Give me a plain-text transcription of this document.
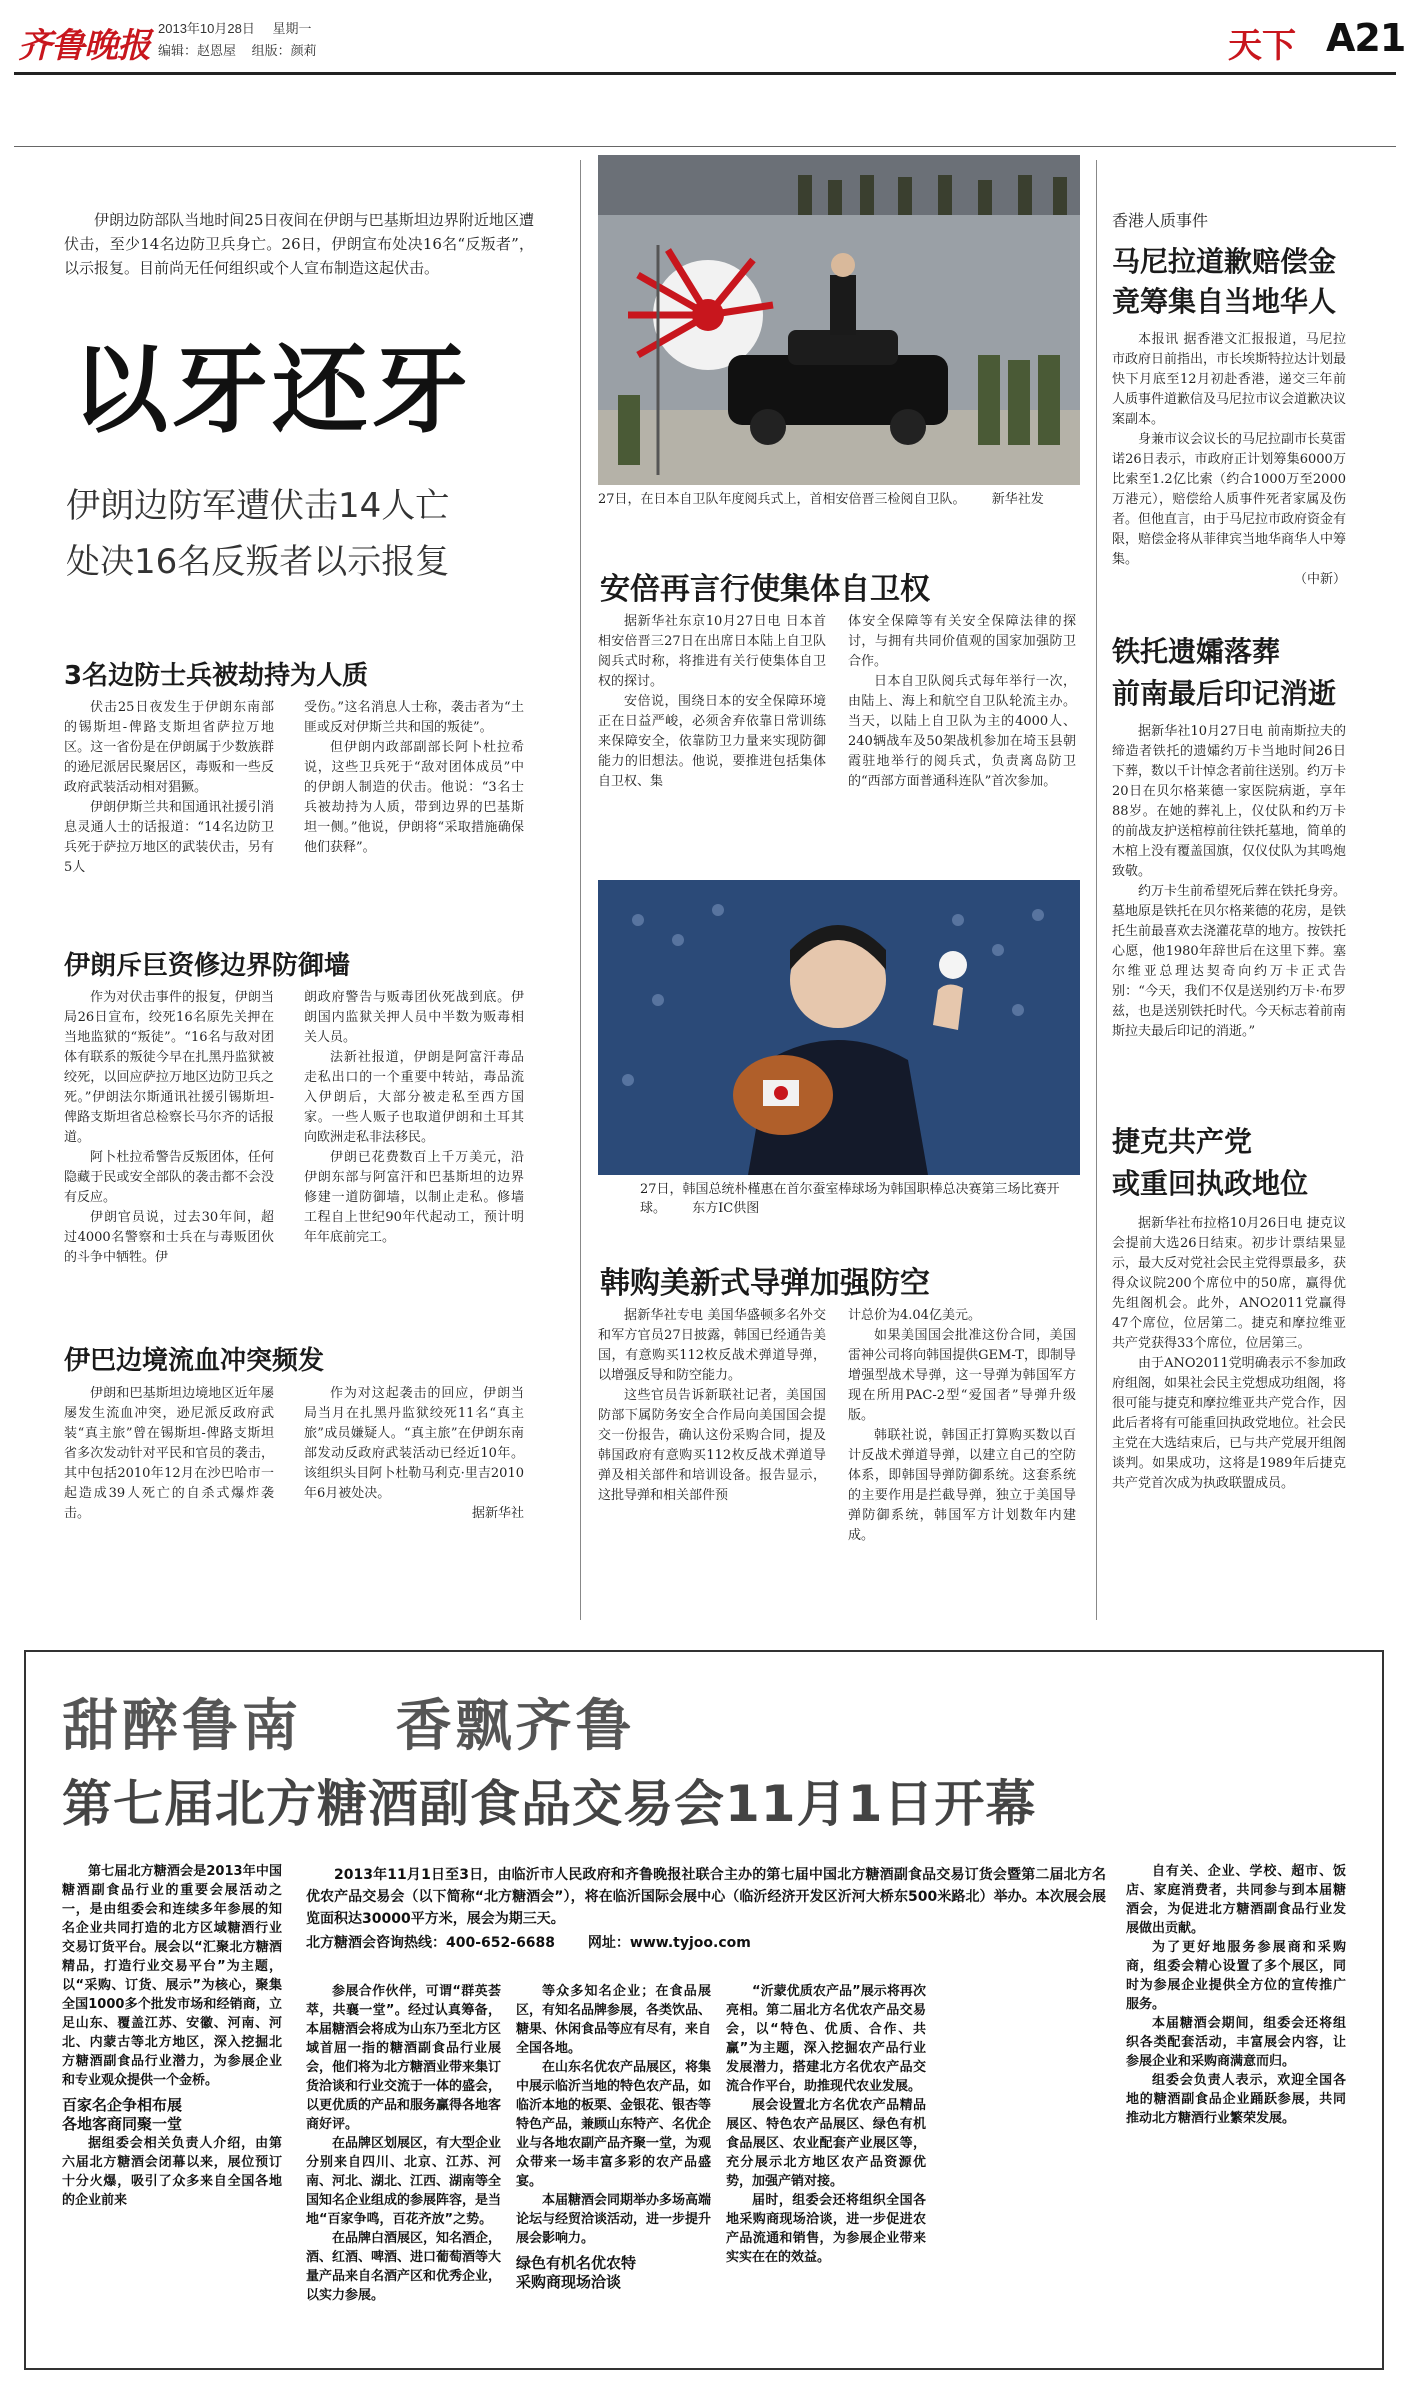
齐鲁晚报 2013年10月28日 星期一
编辑：赵恩屋 组版：颜莉	天下 A21

伊朗边防部队当地时间25日夜间在伊朗与巴基斯坦边界附近地区遭伏击，至少14名边防卫兵身亡。26日，伊朗宣布处决16名“反叛者”，以示报复。目前尚无任何组织或个人宣布制造这起伏击。

以牙还牙
伊朗边防军遭伏击14人亡
处决16名反叛者以示报复
3名边防士兵被劫持为人质

伏击25日夜发生于伊朗东南部的锡斯坦-俾路支斯坦省萨拉万地区。这一省份是在伊朗属于少数族群的逊尼派居民聚居区，毒贩和一些反政府武装活动相对猖獗。

伊朗伊斯兰共和国通讯社援引消息灵通人士的话报道：“14名边防卫兵死于萨拉万地区的武装伏击，另有5人

受伤。”这名消息人士称，袭击者为“土匪或反对伊斯兰共和国的叛徒”。

但伊朗内政部副部长阿卜杜拉希说，这些卫兵死于“敌对团体成员”中的伊朗人制造的伏击。他说：“3名士兵被劫持为人质，带到边界的巴基斯坦一侧。”他说，伊朗将“采取措施确保他们获释”。

伊朗斥巨资修边界防御墙

作为对伏击事件的报复，伊朗当局26日宣布，绞死16名原先关押在当地监狱的“叛徒”。“16名与敌对团体有联系的叛徒今早在扎黑丹监狱被绞死，以回应萨拉万地区边防卫兵之死。”伊朗法尔斯通讯社援引锡斯坦-俾路支斯坦省总检察长马尔齐的话报道。

阿卜杜拉希警告反叛团体，任何隐藏于民或安全部队的袭击都不会没有反应。

伊朗官员说，过去30年间，超过4000名警察和士兵在与毒贩团伙的斗争中牺牲。伊

朗政府警告与贩毒团伙死战到底。伊朗国内监狱关押人员中半数为贩毒相关人员。

法新社报道，伊朗是阿富汗毒品走私出口的一个重要中转站，毒品流入伊朗后，大部分被走私至西方国家。一些人贩子也取道伊朗和土耳其向欧洲走私非法移民。

伊朗已花费数百上千万美元，沿伊朗东部与阿富汗和巴基斯坦的边界修建一道防御墙，以制止走私。修墙工程自上世纪90年代起动工，预计明年年底前完工。

伊巴边境流血冲突频发

伊朗和巴基斯坦边境地区近年屡屡发生流血冲突，逊尼派反政府武装“真主旅”曾在锡斯坦-俾路支斯坦省多次发动针对平民和官员的袭击，其中包括2010年12月在沙巴哈市一起造成39人死亡的自杀式爆炸袭击。

作为对这起袭击的回应，伊朗当局当月在扎黑丹监狱绞死11名“真主旅”成员嫌疑人。“真主旅”在伊朗东南部发动反政府武装活动已经近10年。该组织头目阿卜杜勒马利克·里吉2010年6月被处决。

据新华社

27日，在日本自卫队年度阅兵式上，首相安倍晋三检阅自卫队。 新华社发
安倍再言行使集体自卫权

据新华社东京10月27日电 日本首相安倍晋三27日在出席日本陆上自卫队阅兵式时称，将推进有关行使集体自卫权的探讨。

安倍说，围绕日本的安全保障环境正在日益严峻，必须舍弃依靠日常训练来保障安全，依靠防卫力量来实现防御能力的旧想法。他说，要推进包括集体自卫权、集

体安全保障等有关安全保障法律的探讨，与拥有共同价值观的国家加强防卫合作。

日本自卫队阅兵式每年举行一次，由陆上、海上和航空自卫队轮流主办。当天，以陆上自卫队为主的4000人、240辆战车及50架战机参加在埼玉县朝霞驻地举行的阅兵式，负责离岛防卫的“西部方面普通科连队”首次参加。

27日，韩国总统朴槿惠在首尔蚕室棒球场为韩国职棒总决赛第三场比赛开球。 东方IC供图
韩购美新式导弹加强防空

据新华社专电 美国华盛顿多名外交和军方官员27日披露，韩国已经通告美国，有意购买112枚反战术弹道导弹，以增强反导和防空能力。

这些官员告诉新联社记者，美国国防部下属防务安全合作局向美国国会提交一份报告，确认这份采购合同，提及韩国政府有意购买112枚反战术弹道导弹及相关部件和培训设备。报告显示，这批导弹和相关部件预

计总价为4.04亿美元。

如果美国国会批准这份合同，美国雷神公司将向韩国提供GEM-T，即制导增强型战术导弹，这一导弹为韩国军方现在所用PAC-2型“爱国者”导弹升级版。

韩联社说，韩国正打算购买数以百计反战术弹道导弹，以建立自己的空防体系，即韩国导弹防御系统。这套系统的主要作用是拦截导弹，独立于美国导弹防御系统，韩国军方计划数年内建成。

香港人质事件
马尼拉道歉赔偿金
竟筹集自当地华人

本报讯 据香港文汇报报道，马尼拉市政府日前指出，市长埃斯特拉达计划最快下月底至12月初赴香港，递交三年前人质事件道歉信及马尼拉市议会道歉决议案副本。

身兼市议会议长的马尼拉副市长莫雷诺26日表示，市政府正计划筹集6000万比索至1.2亿比索（约合1000万至2000万港元），赔偿给人质事件死者家属及伤者。但他直言，由于马尼拉市政府资金有限，赔偿金将从菲律宾当地华商华人中筹集。

（中新）

铁托遗孀落葬
前南最后印记消逝

据新华社10月27日电 前南斯拉夫的缔造者铁托的遗孀约万卡当地时间26日下葬，数以千计悼念者前往送别。约万卡20日在贝尔格莱德一家医院病逝，享年88岁。在她的葬礼上，仪仗队和约万卡的前战友护送棺椁前往铁托墓地，简单的木棺上没有覆盖国旗，仅仪仗队为其鸣炮致敬。

约万卡生前希望死后葬在铁托身旁。墓地原是铁托在贝尔格莱德的花房，是铁托生前最喜欢去浇灌花草的地方。按铁托心愿，他1980年辞世后在这里下葬。塞尔维亚总理达契奇向约万卡正式告别：“今天，我们不仅是送别约万卡·布罗兹，也是送别铁托时代。今天标志着前南斯拉夫最后印记的消逝。”

捷克共产党
或重回执政地位

据新华社布拉格10月26日电 捷克议会提前大选26日结束。初步计票结果显示，最大反对党社会民主党得票最多，获得众议院200个席位中的50席，赢得优先组阁机会。此外，ANO2011党赢得47个席位，位居第二。捷克和摩拉维亚共产党获得33个席位，位居第三。

由于ANO2011党明确表示不参加政府组阁，如果社会民主党想成功组阁，将很可能与捷克和摩拉维亚共产党合作，因此后者将有可能重回执政党地位。社会民主党在大选结束后，已与共产党展开组阁谈判。如果成功，这将是1989年后捷克共产党首次成为执政联盟成员。

甜醉鲁南 香飘齐鲁
第七届北方糖酒副食品交易会11月1日开幕

第七届北方糖酒会是2013年中国糖酒副食品行业的重要会展活动之一，是由组委会和连续多年参展的知名企业共同打造的北方区域糖酒行业交易订货平台。展会以“汇聚北方糖酒精品，打造行业交易平台”为主题，以“采购、订货、展示”为核心，聚集全国1000多个批发市场和经销商，立足山东、覆盖江苏、安徽、河南、河北、内蒙古等北方地区，深入挖掘北方糖酒副食品行业潜力，为参展企业和专业观众提供一个金桥。

百家名企争相布展
各地客商同聚一堂

据组委会相关负责人介绍，由第六届北方糖酒会闭幕以来，展位预订十分火爆，吸引了众多来自全国各地的企业前来

2013年11月1日至3日，由临沂市人民政府和齐鲁晚报社联合主办的第七届中国北方糖酒副食品交易订货会暨第二届北方名优农产品交易会（以下简称“北方糖酒会”），将在临沂国际会展中心（临沂经济开发区沂河大桥东500米路北）举办。本次展会展览面积达30000平方米，展会为期三天。

北方糖酒会咨询热线：400-652-6688 网址：www.tyjoo.com

参展合作伙伴，可谓“群英荟萃，共襄一堂”。经过认真筹备，本届糖酒会将成为山东乃至北方区域首屈一指的糖酒副食品行业展会，他们将为北方糖酒业带来集订货洽谈和行业交流于一体的盛会，以更优质的产品和服务赢得各地客商好评。

在品牌区划展区，有大型企业分别来自四川、北京、江苏、河南、河北、湖北、江西、湖南等全国知名企业组成的参展阵容，是当地“百家争鸣，百花齐放”之势。

在品牌白酒展区，知名酒企，酒、红酒、啤酒、进口葡萄酒等大量产品来自名酒产区和优秀企业，以实力参展。

等众多知名企业；在食品展区，有知名品牌参展，各类饮品、糖果、休闲食品等应有尽有，来自全国各地。

在山东名优农产品展区，将集中展示临沂当地的特色农产品，如临沂本地的板栗、金银花、银杏等特色产品，兼顾山东特产、名优企业与各地农副产品齐聚一堂，为观众带来一场丰富多彩的农产品盛宴。

本届糖酒会同期举办多场高端论坛与经贸洽谈活动，进一步提升展会影响力。

绿色有机名优农特
采购商现场洽谈

“沂蒙优质农产品”展示将再次亮相。第二届北方名优农产品交易会，以“特色、优质、合作、共赢”为主题，深入挖掘农产品行业发展潜力，搭建北方名优农产品交流合作平台，助推现代农业发展。

展会设置北方名优农产品精品展区、特色农产品展区、绿色有机食品展区、农业配套产业展区等，充分展示北方地区农产品资源优势，加强产销对接。

届时，组委会还将组织全国各地采购商现场洽谈，进一步促进农产品流通和销售，为参展企业带来实实在在的效益。

自有关、企业、学校、超市、饭店、家庭消费者，共同参与到本届糖酒会，为促进北方糖酒副食品行业发展做出贡献。

为了更好地服务参展商和采购商，组委会精心设置了多个展区，同时为参展企业提供全方位的宣传推广服务。

本届糖酒会期间，组委会还将组织各类配套活动，丰富展会内容，让参展企业和采购商满意而归。

组委会负责人表示，欢迎全国各地的糖酒副食品企业踊跃参展，共同推动北方糖酒行业繁荣发展。
